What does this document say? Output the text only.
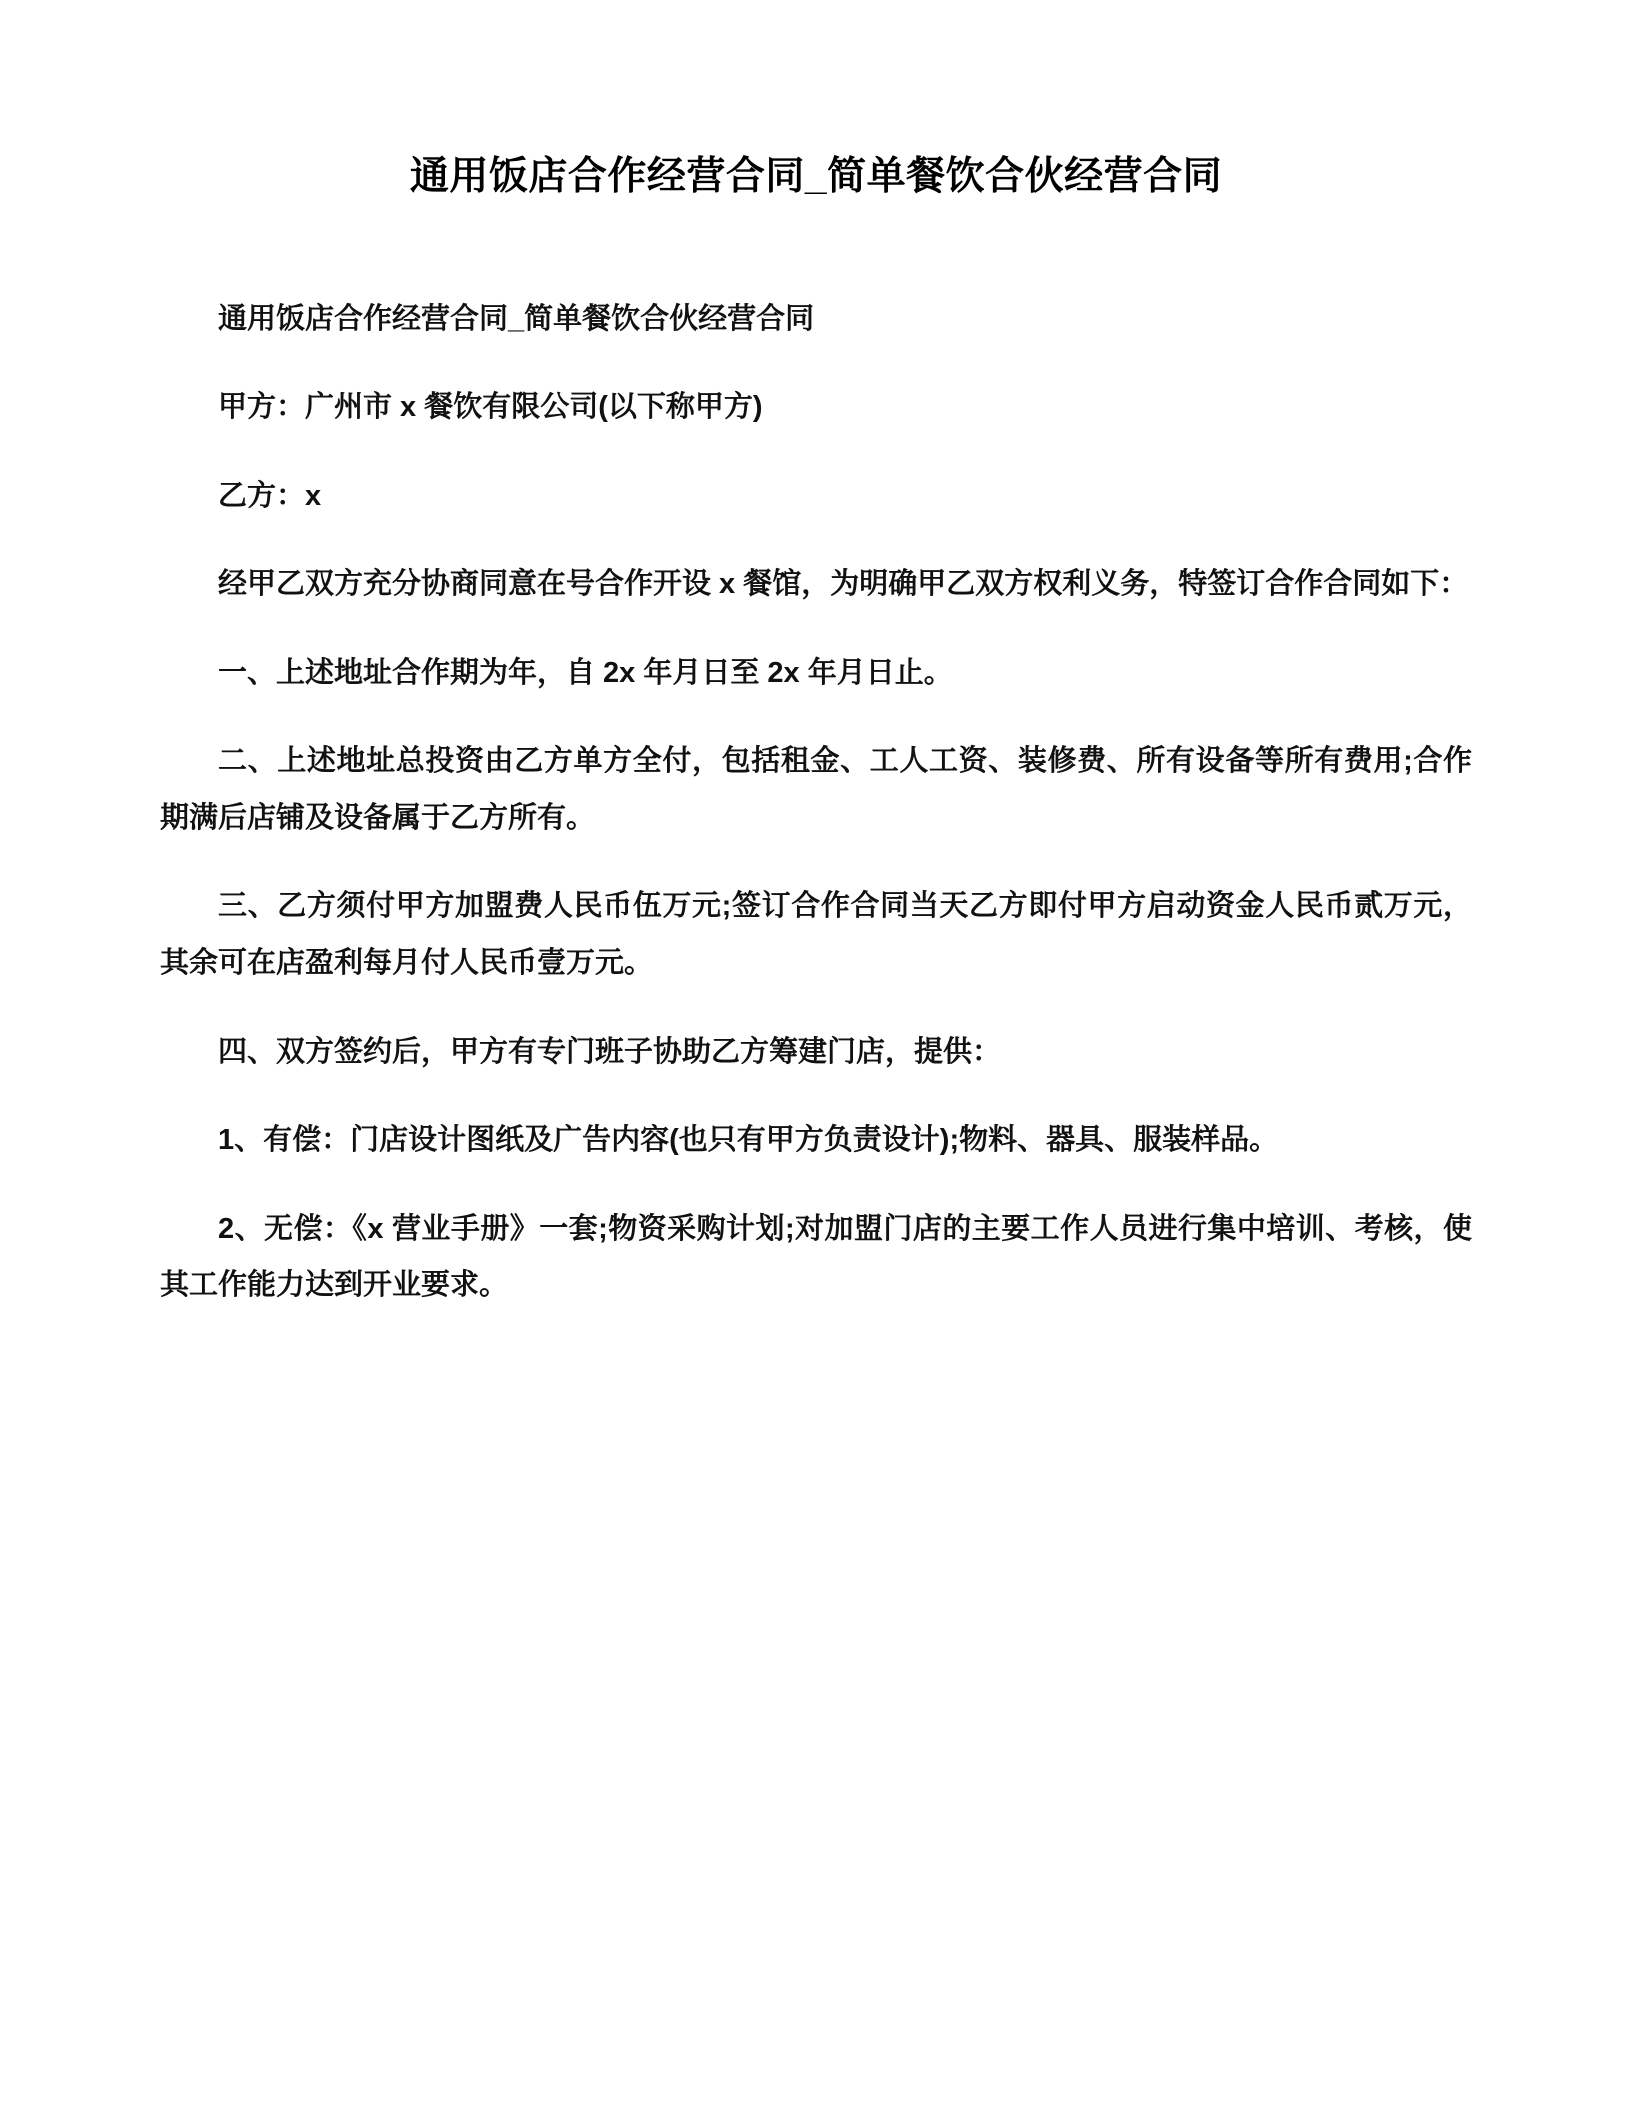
通用饭店合作经营合同_简单餐饮合伙经营合同

通用饭店合作经营合同_简单餐饮合伙经营合同

甲方：广州市 x 餐饮有限公司(以下称甲方)

乙方：x

经甲乙双方充分协商同意在号合作开设 x 餐馆，为明确甲乙双方权利义务，特签订合作合同如下：

一、上述地址合作期为年，自 2x 年月日至 2x 年月日止。

二、上述地址总投资由乙方单方全付，包括租金、工人工资、装修费、所有设备等所有费用;合作期满后店铺及设备属于乙方所有。

三、乙方须付甲方加盟费人民币伍万元;签订合作合同当天乙方即付甲方启动资金人民币贰万元，其余可在店盈利每月付人民币壹万元。

四、双方签约后，甲方有专门班子协助乙方筹建门店，提供：

1、有偿：门店设计图纸及广告内容(也只有甲方负责设计);物料、器具、服装样品。

2、无偿：《x 营业手册》一套;物资采购计划;对加盟门店的主要工作人员进行集中培训、考核，使其工作能力达到开业要求。
